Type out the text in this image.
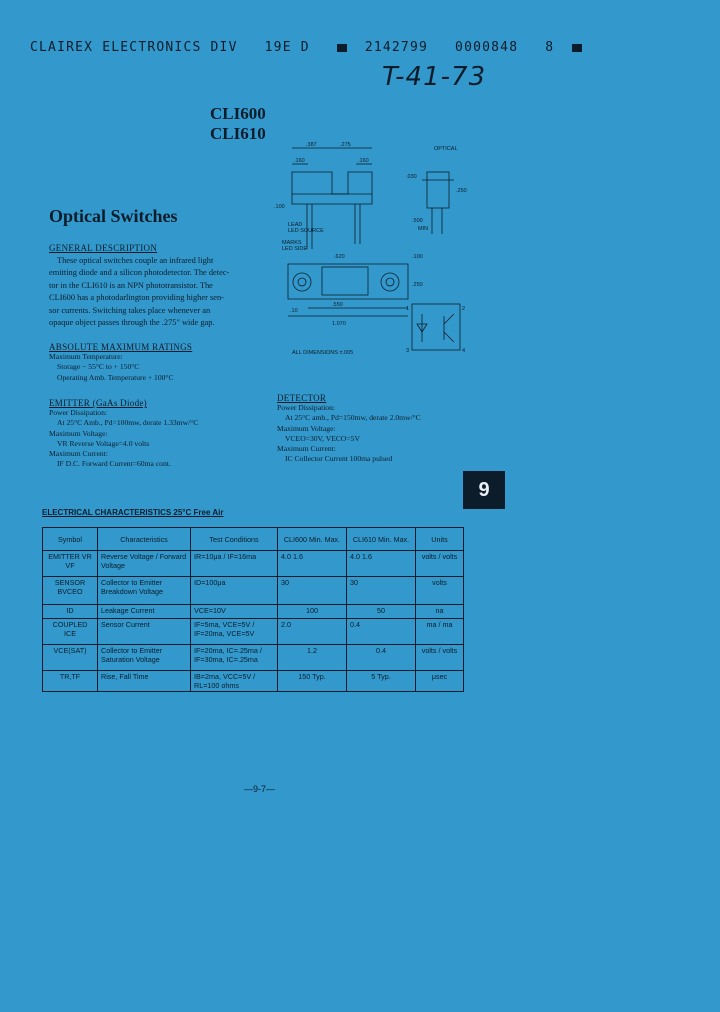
CLAIREX ELECTRONICS DIV 19E D	2142799 0000848 8
T-41-73
CLI600
CLI610
Optical Switches
GENERAL DESCRIPTION
These optical switches couple an infrared light
emitting diode and a silicon photodetector. The detec-
tor in the CLI610 is an NPN phototransistor. The
CLI600 has a photodarlington providing higher sen-
sor currents. Switching takes place whenever an
opaque object passes through the .275" wide gap.
ABSOLUTE MAXIMUM RATINGS
Maximum Temperature:
Storage − 55°C to + 150°C
Operating Amb. Temperature + 100°C
EMITTER (GaAs Diode)
Power Dissipation:
At 25°C Amb., Pd=100mw, derate 1.33mw/°C
Maximum Voltage:
VR Reverse Voltage=4.0 volts
Maximum Current:
IF D.C. Forward Current=60ma cont.
DETECTOR
Power Dissipation:
At 25°C amb., Pd=150mw, derate 2.0mw/°C
Maximum Voltage:
VCEO=30V, VECO=5V
Maximum Current:
IC Collector Current 100ma pulsed
.387	.275
.160	.160
.100
.030
.250
.500
.620	.100
.550
.250
.10
1.070
OPTICAL
LEAD
LED SOURCE
MARKS
LED SIDE
MIN
ALL DIMENSIONS ±.005
1	2
3	4
9
ELECTRICAL CHARACTERISTICS 25°C Free Air
Symbol	Characteristics	Test Conditions	CLI600 Min. Max.	CLI610 Min. Max.	Units
EMITTER VR VF	Reverse Voltage / Forward Voltage	IR=10μa / IF=16ma	4.0 1.6	4.0 1.6	volts / volts
SENSOR BVCEO	Collector to Emitter Breakdown Voltage	ID=100μa	30	30	volts
ID	Leakage Current	VCE=10V	100	50	na
COUPLED ICE	Sensor Current	IF=5ma, VCE=5V / IF=20ma, VCE=5V	2.0	0.4	ma / ma
VCE(SAT)	Collector to Emitter Saturation Voltage	IF=20ma, IC=.25ma / IF=30ma, IC=.25ma	1.2	0.4	volts / volts
TR,TF	Rise, Fall Time	IB=2ma, VCC=5V / RL=100 ohms	150 Typ.	5 Typ.	μsec
—9-7—
